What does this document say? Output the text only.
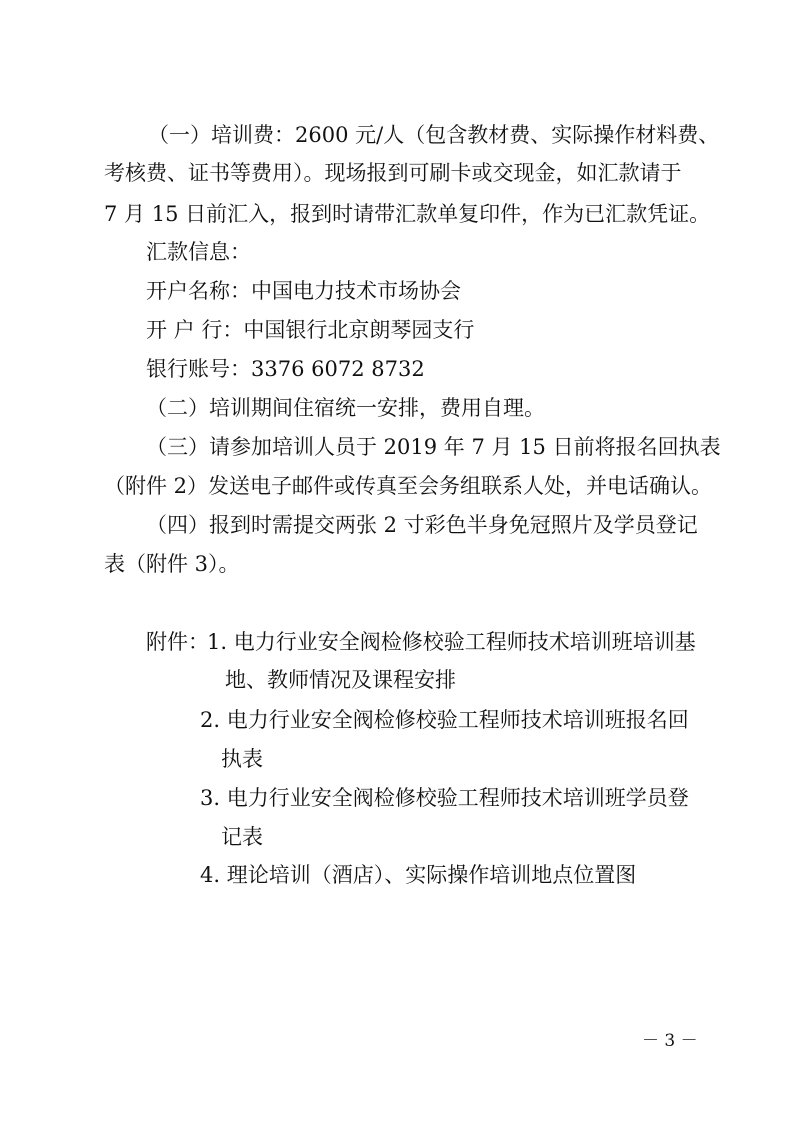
（一）培训费：2600 元/人（包含教材费、实际操作材料费、
考核费、证书等费用）。现场报到可刷卡或交现金，如汇款请于
7 月 15 日前汇入，报到时请带汇款单复印件，作为已汇款凭证。
汇款信息：
开户名称：中国电力技术市场协会
开 户 行：中国银行北京朗琴园支行
银行账号：3376 6072 8732
（二）培训期间住宿统一安排，费用自理。
（三）请参加培训人员于 2019 年 7 月 15 日前将报名回执表
（附件 2）发送电子邮件或传真至会务组联系人处，并电话确认。
（四）报到时需提交两张 2 寸彩色半身免冠照片及学员登记
表（附件 3）。
附件：
1. 电力行业安全阀检修校验工程师技术培训班培训基
地、教师情况及课程安排
2. 电力行业安全阀检修校验工程师技术培训班报名回
执表
3. 电力行业安全阀检修校验工程师技术培训班学员登
记表
4. 理论培训（酒店）、实际操作培训地点位置图
－ 3 －
